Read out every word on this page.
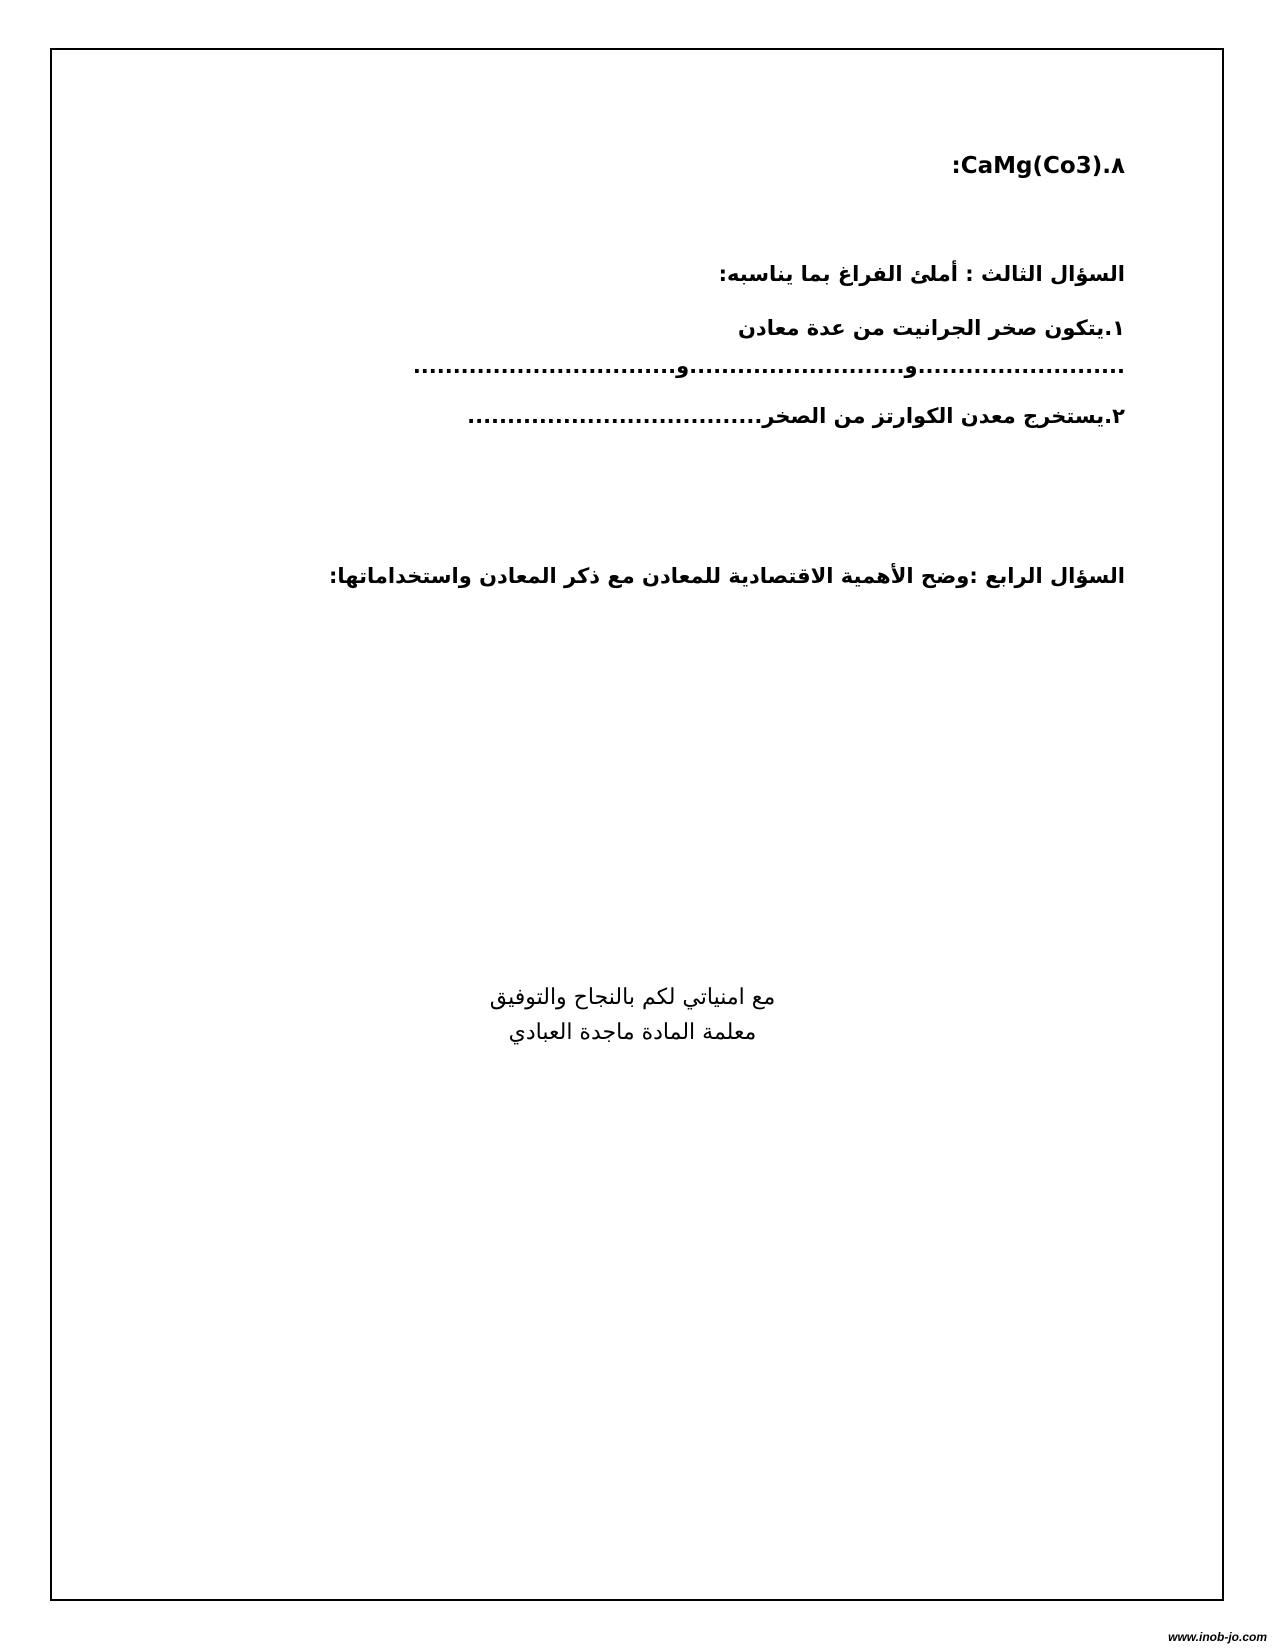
:CaMg(Co3).٨
السؤال الثالث : أملئ الفراغ بما يناسبه:
١.يتكون صخر الجرانيت من عدة معادن
.................................و...........................و..........................
٢.يستخرج معدن الكوارتز من الصخر.....................................
السؤال الرابع :وضح الأهمية الاقتصادية للمعادن مع ذكر المعادن واستخداماتها:
مع امنياتي لكم بالنجاح والتوفيق
معلمة المادة ماجدة العبادي
www.inob-jo.com
